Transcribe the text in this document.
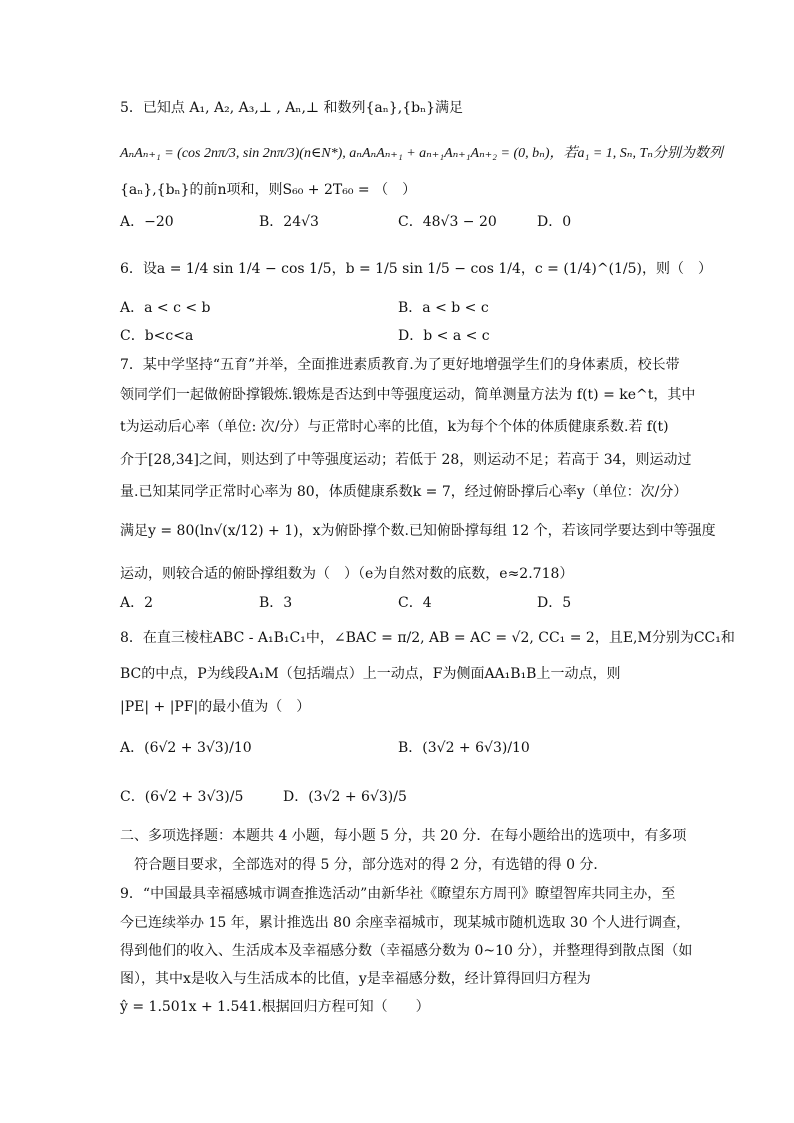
5．已知点 A₁, A₂, A₃,⊥ , Aₙ,⊥ 和数列{aₙ},{bₙ}满足
AₙAₙ₊₁ = (cos 2nπ/3, sin 2nπ/3)(n∈N*), aₙAₙAₙ₊₁ + aₙ₊₁Aₙ₊₁Aₙ₊₂ = (0, bₙ)，若a₁ = 1, Sₙ, Tₙ分别为数列
{aₙ},{bₙ}的前n项和，则S₆₀ + 2T₆₀ = （　）
A．−20	B．24√3	C．48√3 − 20	D．0
6．设a = 1/4 sin 1/4 − cos 1/5，b = 1/5 sin 1/5 − cos 1/4，c = (1/4)^(1/5)，则（　）
A．a < c < b	B．a < b < c
C．b<c<a	D．b < a < c
7．某中学坚持“五育”并举，全面推进素质教育.为了更好地增强学生们的身体素质，校长带
领同学们一起做俯卧撑锻炼.锻炼是否达到中等强度运动，简单测量方法为 f(t) = ke^t，其中
t为运动后心率（单位: 次/分）与正常时心率的比值，k为每个个体的体质健康系数.若 f(t)
介于[28,34]之间，则达到了中等强度运动；若低于 28，则运动不足；若高于 34，则运动过
量.已知某同学正常时心率为 80，体质健康系数k = 7，经过俯卧撑后心率y（单位：次/分）
满足y = 80(ln√(x/12) + 1)，x为俯卧撑个数.已知俯卧撑每组 12 个，若该同学要达到中等强度
运动，则较合适的俯卧撑组数为（　）（e为自然对数的底数，e≈2.718）
A．2	B．3	C．4	D．5
8．在直三棱柱ABC - A₁B₁C₁中，∠BAC = π/2, AB = AC = √2, CC₁ = 2，且E,M分别为CC₁和
BC的中点，P为线段A₁M（包括端点）上一动点，F为侧面AA₁B₁B上一动点，则
|PE| + |PF|的最小值为（　）
A．(6√2 + 3√3)/10	B．(3√2 + 6√3)/10
C．(6√2 + 3√3)/5	D．(3√2 + 6√3)/5
二、多项选择题：本题共 4 小题，每小题 5 分，共 20 分．在每小题给出的选项中，有多项
符合题目要求，全部选对的得 5 分，部分选对的得 2 分，有选错的得 0 分．
9．“中国最具幸福感城市调查推选活动”由新华社《瞭望东方周刊》瞭望智库共同主办，至
今已连续举办 15 年，累计推选出 80 余座幸福城市，现某城市随机选取 30 个人进行调查，
得到他们的收入、生活成本及幸福感分数（幸福感分数为 0~10 分），并整理得到散点图（如
图），其中x是收入与生活成本的比值，y是幸福感分数，经计算得回归方程为
ŷ = 1.501x + 1.541.根据回归方程可知（　　）
